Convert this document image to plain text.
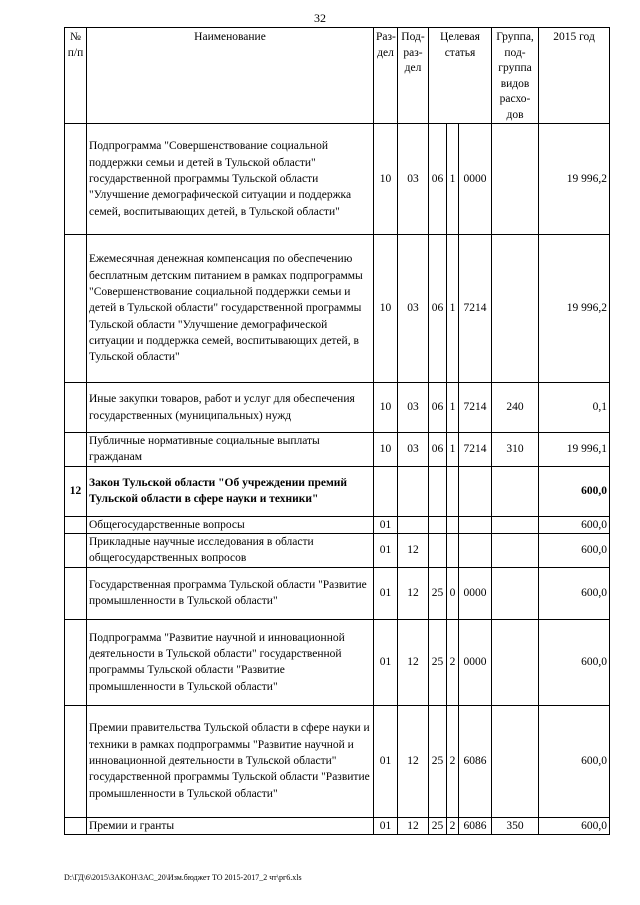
32
№ п/п	Наименование	Раз-дел	Под-раз-дел	Целевая статья			Группа, под-группа видов расхо-дов	2015 год
	Подпрограмма "Совершенствование социальной поддержки семьи и детей в Тульской области" государственной программы Тульской области "Улучшение демографической ситуации и поддержка семей, воспитывающих детей, в Тульской области"	10	03	06	1	0000		19 996,2
	Ежемесячная денежная компенсация по обеспечению бесплатным детским питанием в рамках подпрограммы "Совершенствование социальной поддержки семьи и детей в Тульской области" государственной программы Тульской области "Улучшение демографической ситуации и поддержка семей, воспитывающих детей, в Тульской области"	10	03	06	1	7214		19 996,2
	Иные закупки товаров, работ и услуг для обеспечения государственных (муниципальных) нужд	10	03	06	1	7214	240	0,1
	Публичные нормативные социальные выплаты гражданам	10	03	06	1	7214	310	19 996,1
12	Закон Тульской области "Об учреждении премий Тульской области в сфере науки и техники"							600,0
	Общегосударственные вопросы	01						600,0
	Прикладные научные исследования в области общегосударственных вопросов	01	12					600,0
	Государственная программа Тульской области "Развитие промышленности в Тульской области"	01	12	25	0	0000		600,0
	Подпрограмма "Развитие научной и инновационной деятельности в Тульской области" государственной программы Тульской области "Развитие промышленности в Тульской области"	01	12	25	2	0000		600,0
	Премии правительства Тульской области в сфере науки и техники в рамках подпрограммы "Развитие научной и инновационной деятельности в Тульской области" государственной программы Тульской области "Развитие промышленности в Тульской области"	01	12	25	2	6086		600,0
	Премии и гранты	01	12	25	2	6086	350	600,0
D:\ГД\6\2015\ЗАКОН\ЗАС_20\Изм.бюджет ТО 2015-2017_2 чт\рг6.xls
